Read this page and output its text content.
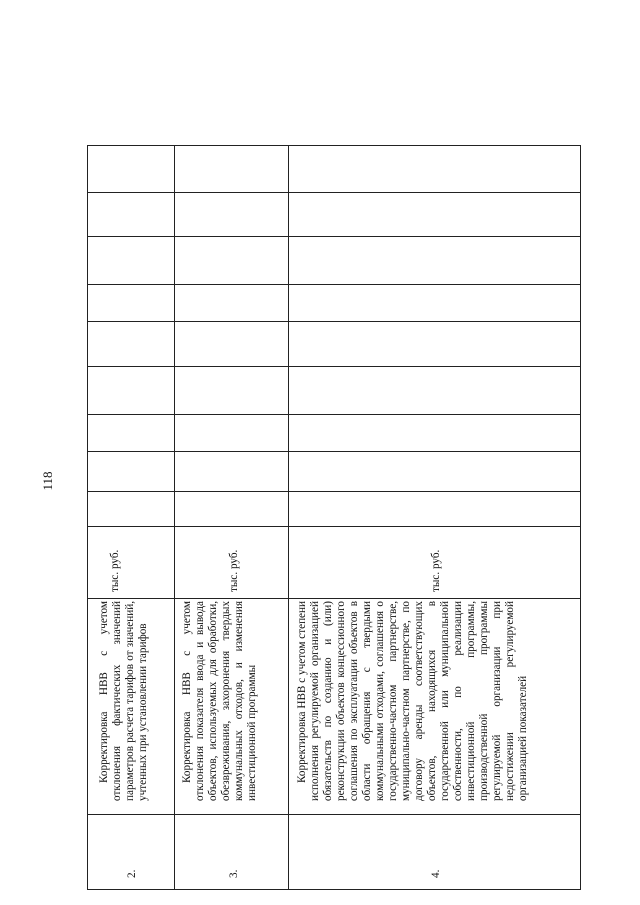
118
тыс. руб.
Корректировка НВВ с учетом отклонения фактических значений параметров расчета тарифов от значений, учтенных при установлении тарифов
2.
тыс. руб.
Корректировка НВВ с учетом отклонения показателя ввода и вывода объектов, используемых для обработки, обезвреживания, захоронения твердых коммунальных отходов, и изменения инвестиционной программы
3.
тыс. руб.
Корректировка НВВ с учетом степени исполнения регулируемой организацией обязательств по созданию и (или) реконструкции объектов концессионного соглашения по эксплуатации объектов в области обращения с твердыми коммунальными отходами, соглашения о государственно-частном партнерстве, муниципально-частном партнерстве, по договору аренды соответствующих объектов, находящихся в государственной или муниципальной собственности, по реализации инвестиционной программы, производственной программы регулируемой организации при недостижении регулируемой организацией показателей
4.
